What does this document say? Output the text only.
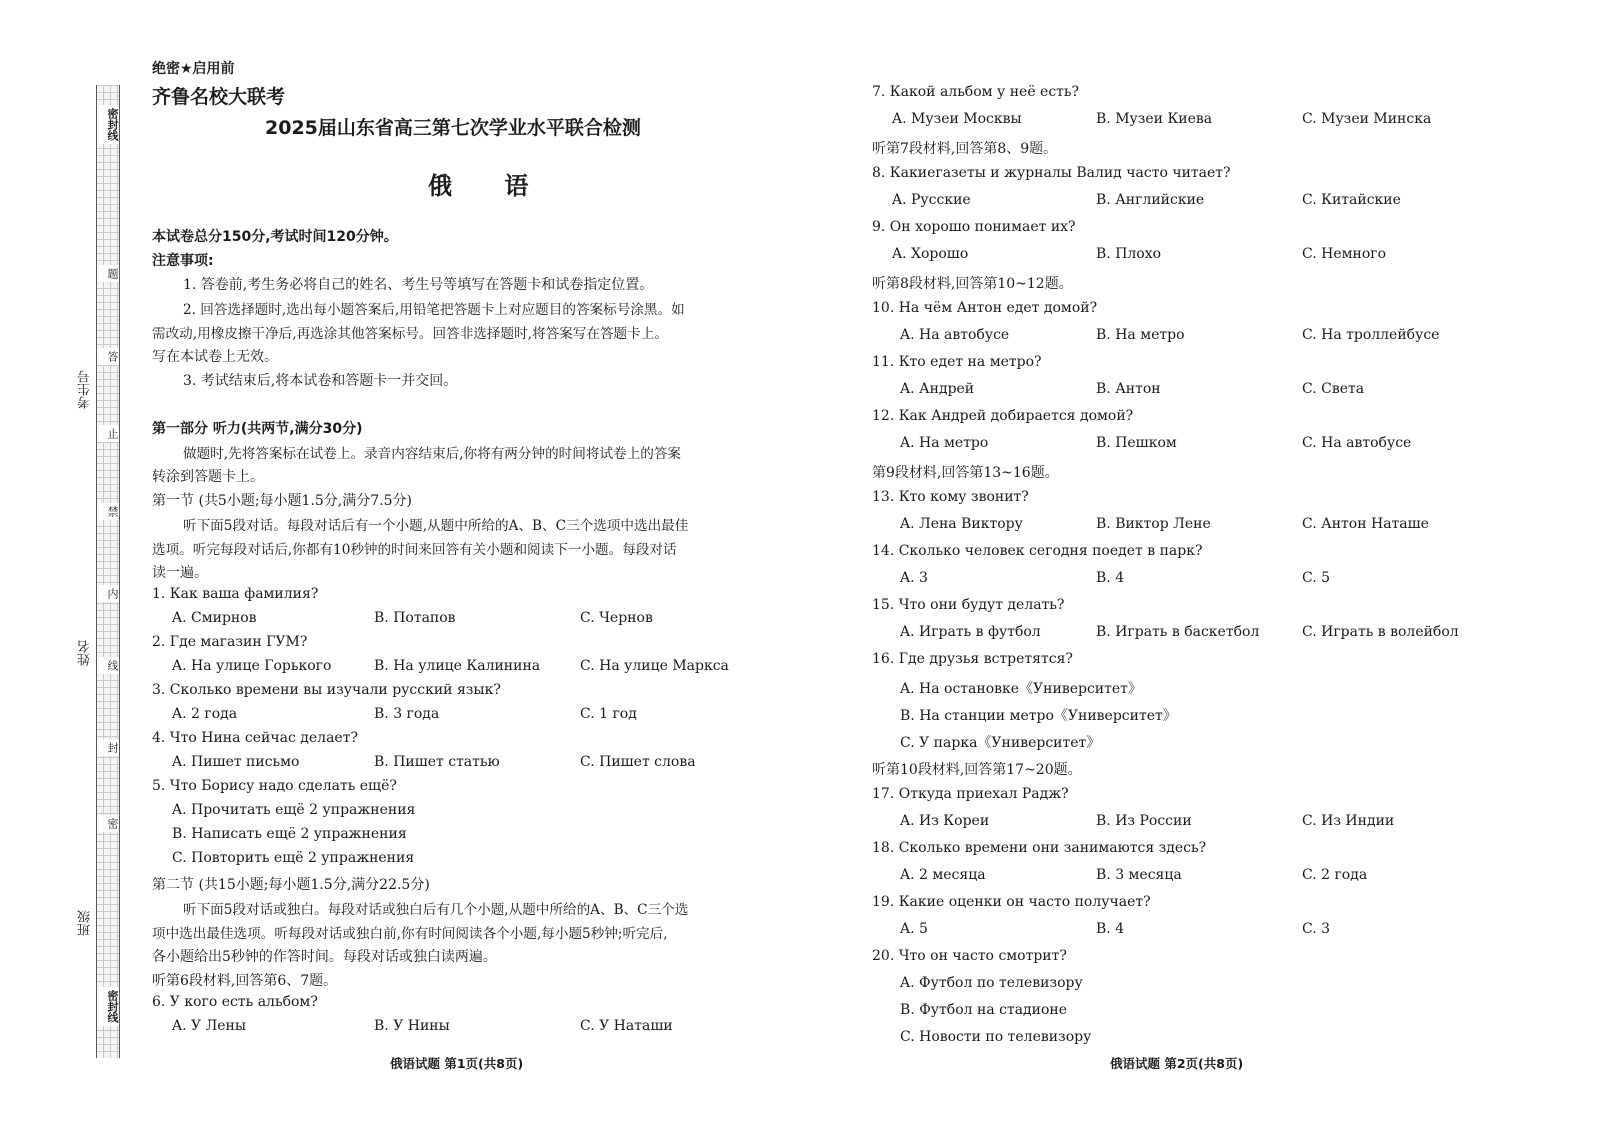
密封线
题
答
止
禁
内
线
封
密
密封线
考生号
姓名
班级
绝密★启用前
齐鲁名校大联考
2025届山东省高三第七次学业水平联合检测
俄 语
本试卷总分150分,考试时间120分钟。
注意事项:
1. 答卷前,考生务必将自己的姓名、考生号等填写在答题卡和试卷指定位置。
2. 回答选择题时,选出每小题答案后,用铅笔把答题卡上对应题目的答案标号涂黑。如
需改动,用橡皮擦干净后,再选涂其他答案标号。回答非选择题时,将答案写在答题卡上。
写在本试卷上无效。
3. 考试结束后,将本试卷和答题卡一并交回。
第一部分 听力(共两节,满分30分)
做题时,先将答案标在试卷上。录音内容结束后,你将有两分钟的时间将试卷上的答案
转涂到答题卡上。
第一节 (共5小题;每小题1.5分,满分7.5分)
听下面5段对话。每段对话后有一个小题,从题中所给的A、B、C三个选项中选出最佳
选项。听完每段对话后,你都有10秒钟的时间来回答有关小题和阅读下一小题。每段对话
读一遍。
1. Как ваша фамилия?
A. Смирнов	B. Потапов	C. Чернов
2. Где магазин ГУМ?
A. На улице Горького	B. На улице Калинина	C. На улице Маркса
3. Сколько времени вы изучали русский язык?
A. 2 года	B. 3 года	C. 1 год
4. Что Нина сейчас делает?
A. Пишет письмо	B. Пишет статью	C. Пишет слова
5. Что Борису надо сделать ещё?
A. Прочитать ещё 2 упражнения
B. Написать ещё 2 упражнения
C. Повторить ещё 2 упражнения
第二节 (共15小题;每小题1.5分,满分22.5分)
听下面5段对话或独白。每段对话或独白后有几个小题,从题中所给的A、B、C三个选
项中选出最佳选项。听每段对话或独白前,你有时间阅读各个小题,每小题5秒钟;听完后,
各小题给出5秒钟的作答时间。每段对话或独白读两遍。
听第6段材料,回答第6、7题。
6. У кого есть альбом?
A. У Лены	B. У Нины	C. У Наташи
俄语试题 第1页(共8页)
7. Какой альбом у неё есть?
A. Музеи Москвы	B. Музеи Киева	C. Музеи Минска
听第7段材料,回答第8、9题。
8. Какиегазеты и журналы Валид часто читает?
A. Русские	B. Английские	C. Китайские
9. Он хорошо понимает их?
A. Хорошо	B. Плохо	C. Немного
听第8段材料,回答第10~12题。
10. На чём Антон едет домой?
A. На автобусе	B. На метро	C. На троллейбусе
11. Кто едет на метро?
A. Андрей	B. Антон	C. Света
12. Как Андрей добирается домой?
A. На метро	B. Пешком	C. На автобусе
第9段材料,回答第13~16题。
13. Кто кому звонит?
A. Лена Виктору	B. Виктор Лене	C. Антон Наташе
14. Сколько человек сегодня поедет в парк?
A. 3	B. 4	C. 5
15. Что они будут делать?
A. Играть в футбол	B. Играть в баскетбол	C. Играть в волейбол
16. Где друзья встретятся?
A. На остановке《Университет》
B. На станции метро《Университет》
C. У парка《Университет》
听第10段材料,回答第17~20题。
17. Откуда приехал Радж?
A. Из Кореи	B. Из России	C. Из Индии
18. Сколько времени они занимаются здесь?
A. 2 месяца	B. 3 месяца	C. 2 года
19. Какие оценки он часто получает?
A. 5	B. 4	C. 3
20. Что он часто смотрит?
A. Футбол по телевизору
B. Футбол на стадионе
C. Новости по телевизору
俄语试题 第2页(共8页)
